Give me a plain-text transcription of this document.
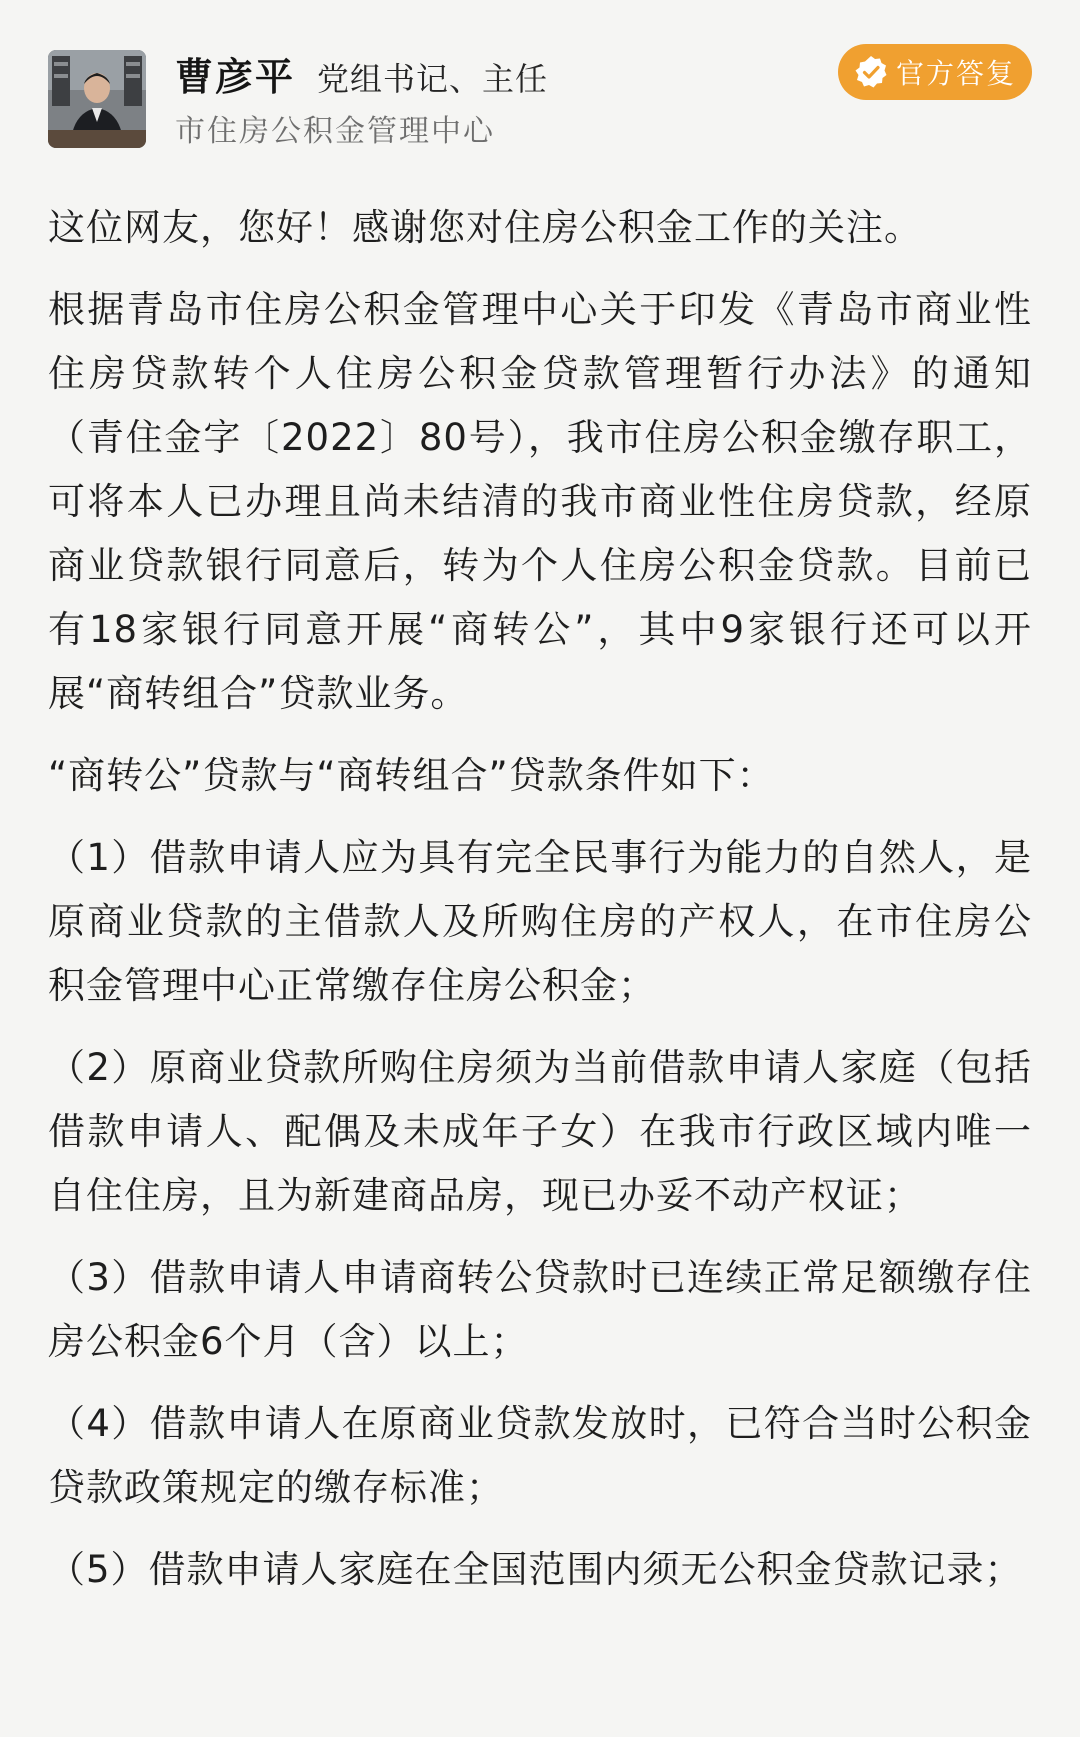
曹彦平 党组书记、主任
市住房公积金管理中心
官方答复

这位网友，您好！感谢您对住房公积金工作的关注。

根据青岛市住房公积金管理中心关于印发《青岛市商业性住房贷款转个人住房公积金贷款管理暂行办法》的通知（青住金字〔2022〕80号），我市住房公积金缴存职工，可将本人已办理且尚未结清的我市商业性住房贷款，经原商业贷款银行同意后，转为个人住房公积金贷款。目前已有18家银行同意开展“商转公”，其中9家银行还可以开展“商转组合”贷款业务。

“商转公”贷款与“商转组合”贷款条件如下：

（1）借款申请人应为具有完全民事行为能力的自然人，是原商业贷款的主借款人及所购住房的产权人，在市住房公积金管理中心正常缴存住房公积金；

（2）原商业贷款所购住房须为当前借款申请人家庭（包括借款申请人、配偶及未成年子女）在我市行政区域内唯一自住住房，且为新建商品房，现已办妥不动产权证；

（3）借款申请人申请商转公贷款时已连续正常足额缴存住房公积金6个月（含）以上；

（4）借款申请人在原商业贷款发放时，已符合当时公积金贷款政策规定的缴存标准；

（5）借款申请人家庭在全国范围内须无公积金贷款记录；
